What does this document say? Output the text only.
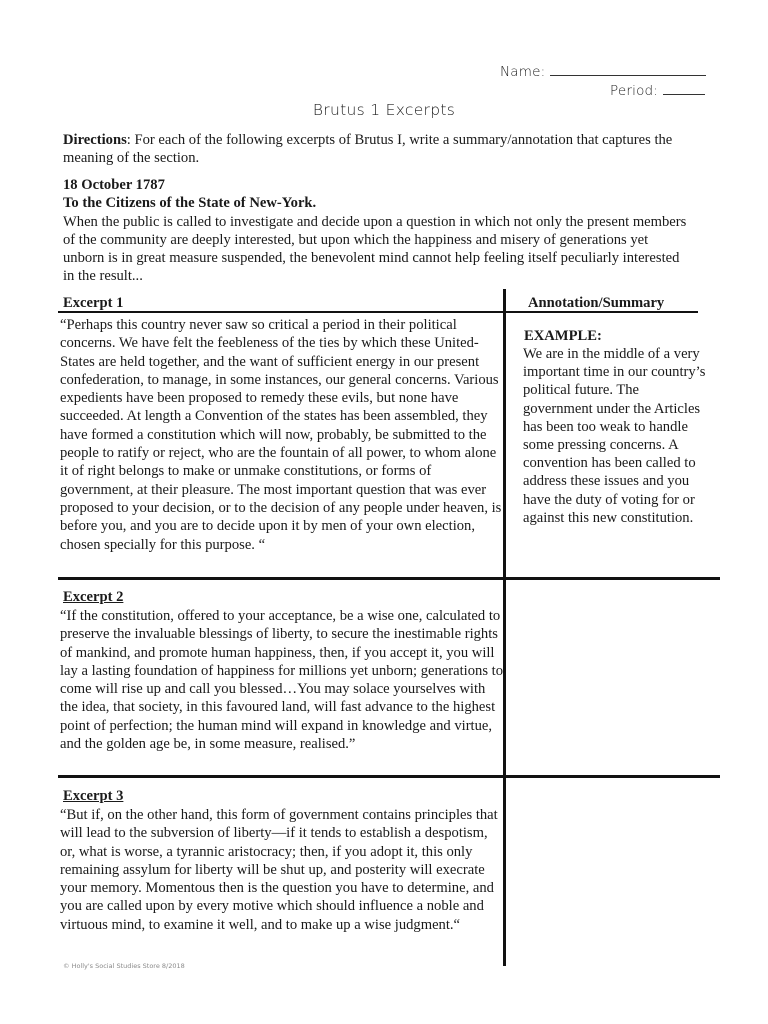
Name:
Period:
Brutus 1 Excerpts
Directions: For each of the following excerpts of Brutus I, write a summary/annotation that captures the meaning of the section.
18 October 1787
To the Citizens of the State of New-York.
When the public is called to investigate and decide upon a question in which not only the present members of the community are deeply interested, but upon which the happiness and misery of generations yet unborn is in great measure suspended, the benevolent mind cannot help feeling itself peculiarly interested in the result...
Excerpt 1	Annotation/Summary
“Perhaps this country never saw so critical a period in their political concerns. We have felt the feebleness of the ties by which these United-States are held together, and the want of sufficient energy in our present confederation, to manage, in some instances, our general concerns. Various expedients have been proposed to remedy these evils, but none have succeeded. At length a Convention of the states has been assembled, they have formed a constitution which will now, probably, be submitted to the people to ratify or reject, who are the fountain of all power, to whom alone it of right belongs to make or unmake constitutions, or forms of government, at their pleasure. The most important question that was ever proposed to your decision, or to the decision of any people under heaven, is before you, and you are to decide upon it by men of your own election, chosen specially for this purpose. “
EXAMPLE:
We are in the middle of a very important time in our country’s political future. The government under the Articles has been too weak to handle some pressing concerns. A convention has been called to address these issues and you have the duty of voting for or against this new constitution.
Excerpt 2
“If the constitution, offered to your acceptance, be a wise one, calculated to preserve the invaluable blessings of liberty, to secure the inestimable rights of mankind, and promote human happiness, then, if you accept it, you will lay a lasting foundation of happiness for millions yet unborn; generations to come will rise up and call you blessed…You may solace yourselves with the idea, that society, in this favoured land, will fast advance to the highest point of perfection; the human mind will expand in knowledge and virtue, and the golden age be, in some measure, realised.”
Excerpt 3
“But if, on the other hand, this form of government contains principles that will lead to the subversion of liberty—if it tends to establish a despotism, or, what is worse, a tyrannic aristocracy; then, if you adopt it, this only remaining assylum for liberty will be shut up, and posterity will execrate your memory. Momentous then is the question you have to determine, and you are called upon by every motive which should influence a noble and virtuous mind, to examine it well, and to make up a wise judgment.“
© Holly's Social Studies Store 8/2018
